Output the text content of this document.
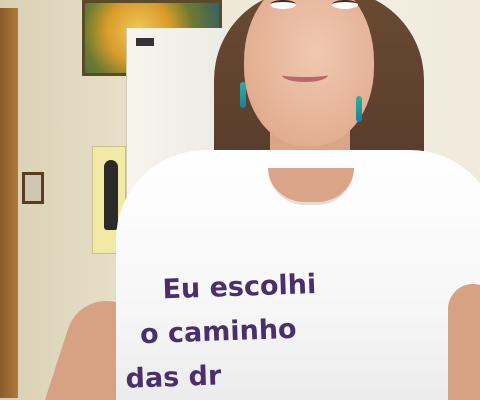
Eu escolhi
o caminho
das dr
